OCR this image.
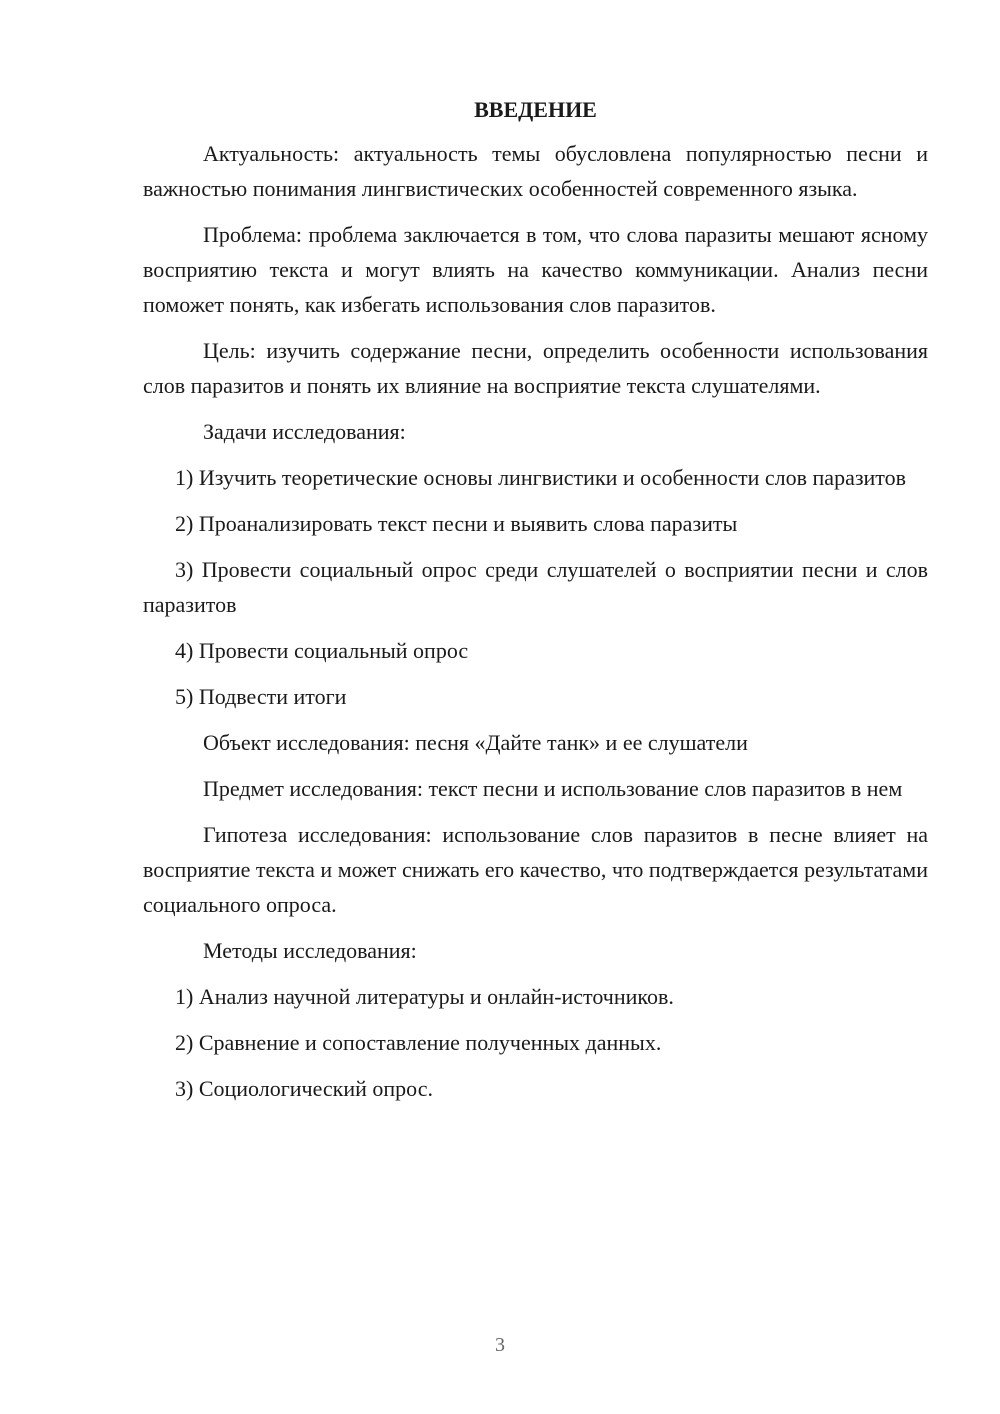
ВВЕДЕНИЕ

Актуальность: актуальность темы обусловлена популярностью песни и важностью понимания лингвистических особенностей современного языка.

Проблема: проблема заключается в том, что слова паразиты мешают ясному восприятию текста и могут влиять на качество коммуникации. Анализ песни поможет понять, как избегать использования слов паразитов.

Цель: изучить содержание песни, определить особенности использования слов паразитов и понять их влияние на восприятие текста слушателями.

Задачи исследования:

1) Изучить теоретические основы лингвистики и особенности слов паразитов

2) Проанализировать текст песни и выявить слова паразиты

3) Провести социальный опрос среди слушателей о восприятии песни и слов паразитов

4) Провести социальный опрос

5) Подвести итоги

Объект исследования: песня «Дайте танк» и ее слушатели

Предмет исследования: текст песни и использование слов паразитов в нем

Гипотеза исследования: использование слов паразитов в песне влияет на восприятие текста и может снижать его качество, что подтверждается результатами социального опроса.

Методы исследования:

1) Анализ научной литературы и онлайн-источников.

2) Сравнение и сопоставление полученных данных.

3) Социологический опрос.

3
